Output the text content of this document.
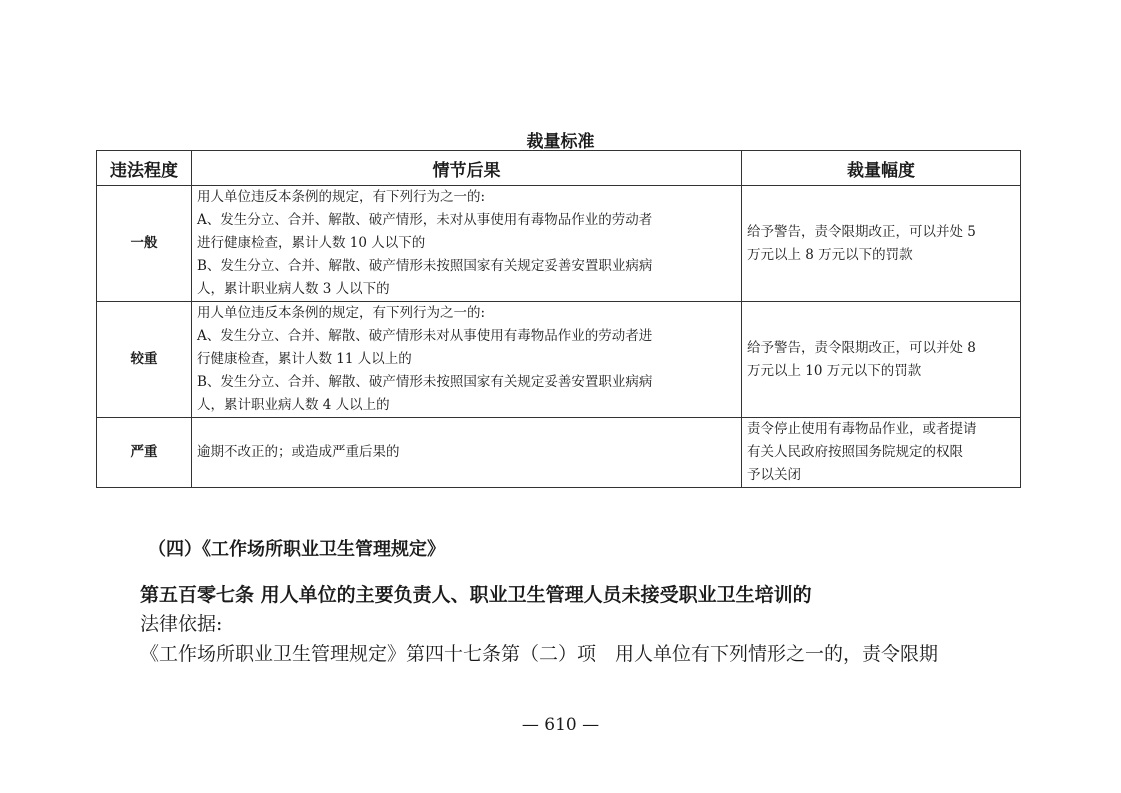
裁量标准
违法程度	情节后果	裁量幅度
一般	用人单位违反本条例的规定，有下列行为之一的:
A、发生分立、合并、解散、破产情形，未对从事使用有毒物品作业的劳动者
进行健康检查，累计人数 10 人以下的
B、发生分立、合并、解散、破产情形未按照国家有关规定妥善安置职业病病
人，累计职业病人数 3 人以下的	给予警告，责令限期改正，可以并处 5
万元以上 8 万元以下的罚款

较重	用人单位违反本条例的规定，有下列行为之一的:
A、发生分立、合并、解散、破产情形未对从事使用有毒物品作业的劳动者进
行健康检查，累计人数 11 人以上的
B、发生分立、合并、解散、破产情形未按照国家有关规定妥善安置职业病病
人，累计职业病人数 4 人以上的	给予警告，责令限期改正，可以并处 8
万元以上 10 万元以下的罚款

严重	逾期不改正的；或造成严重后果的	责令停止使用有毒物品作业，或者提请
有关人民政府按照国务院规定的权限
予以关闭
（四）《工作场所职业卫生管理规定》
第五百零七条 用人单位的主要负责人、职业卫生管理人员未接受职业卫生培训的
法律依据:
《工作场所职业卫生管理规定》第四十七条第（二）项　用人单位有下列情形之一的，责令限期
— 610 —
